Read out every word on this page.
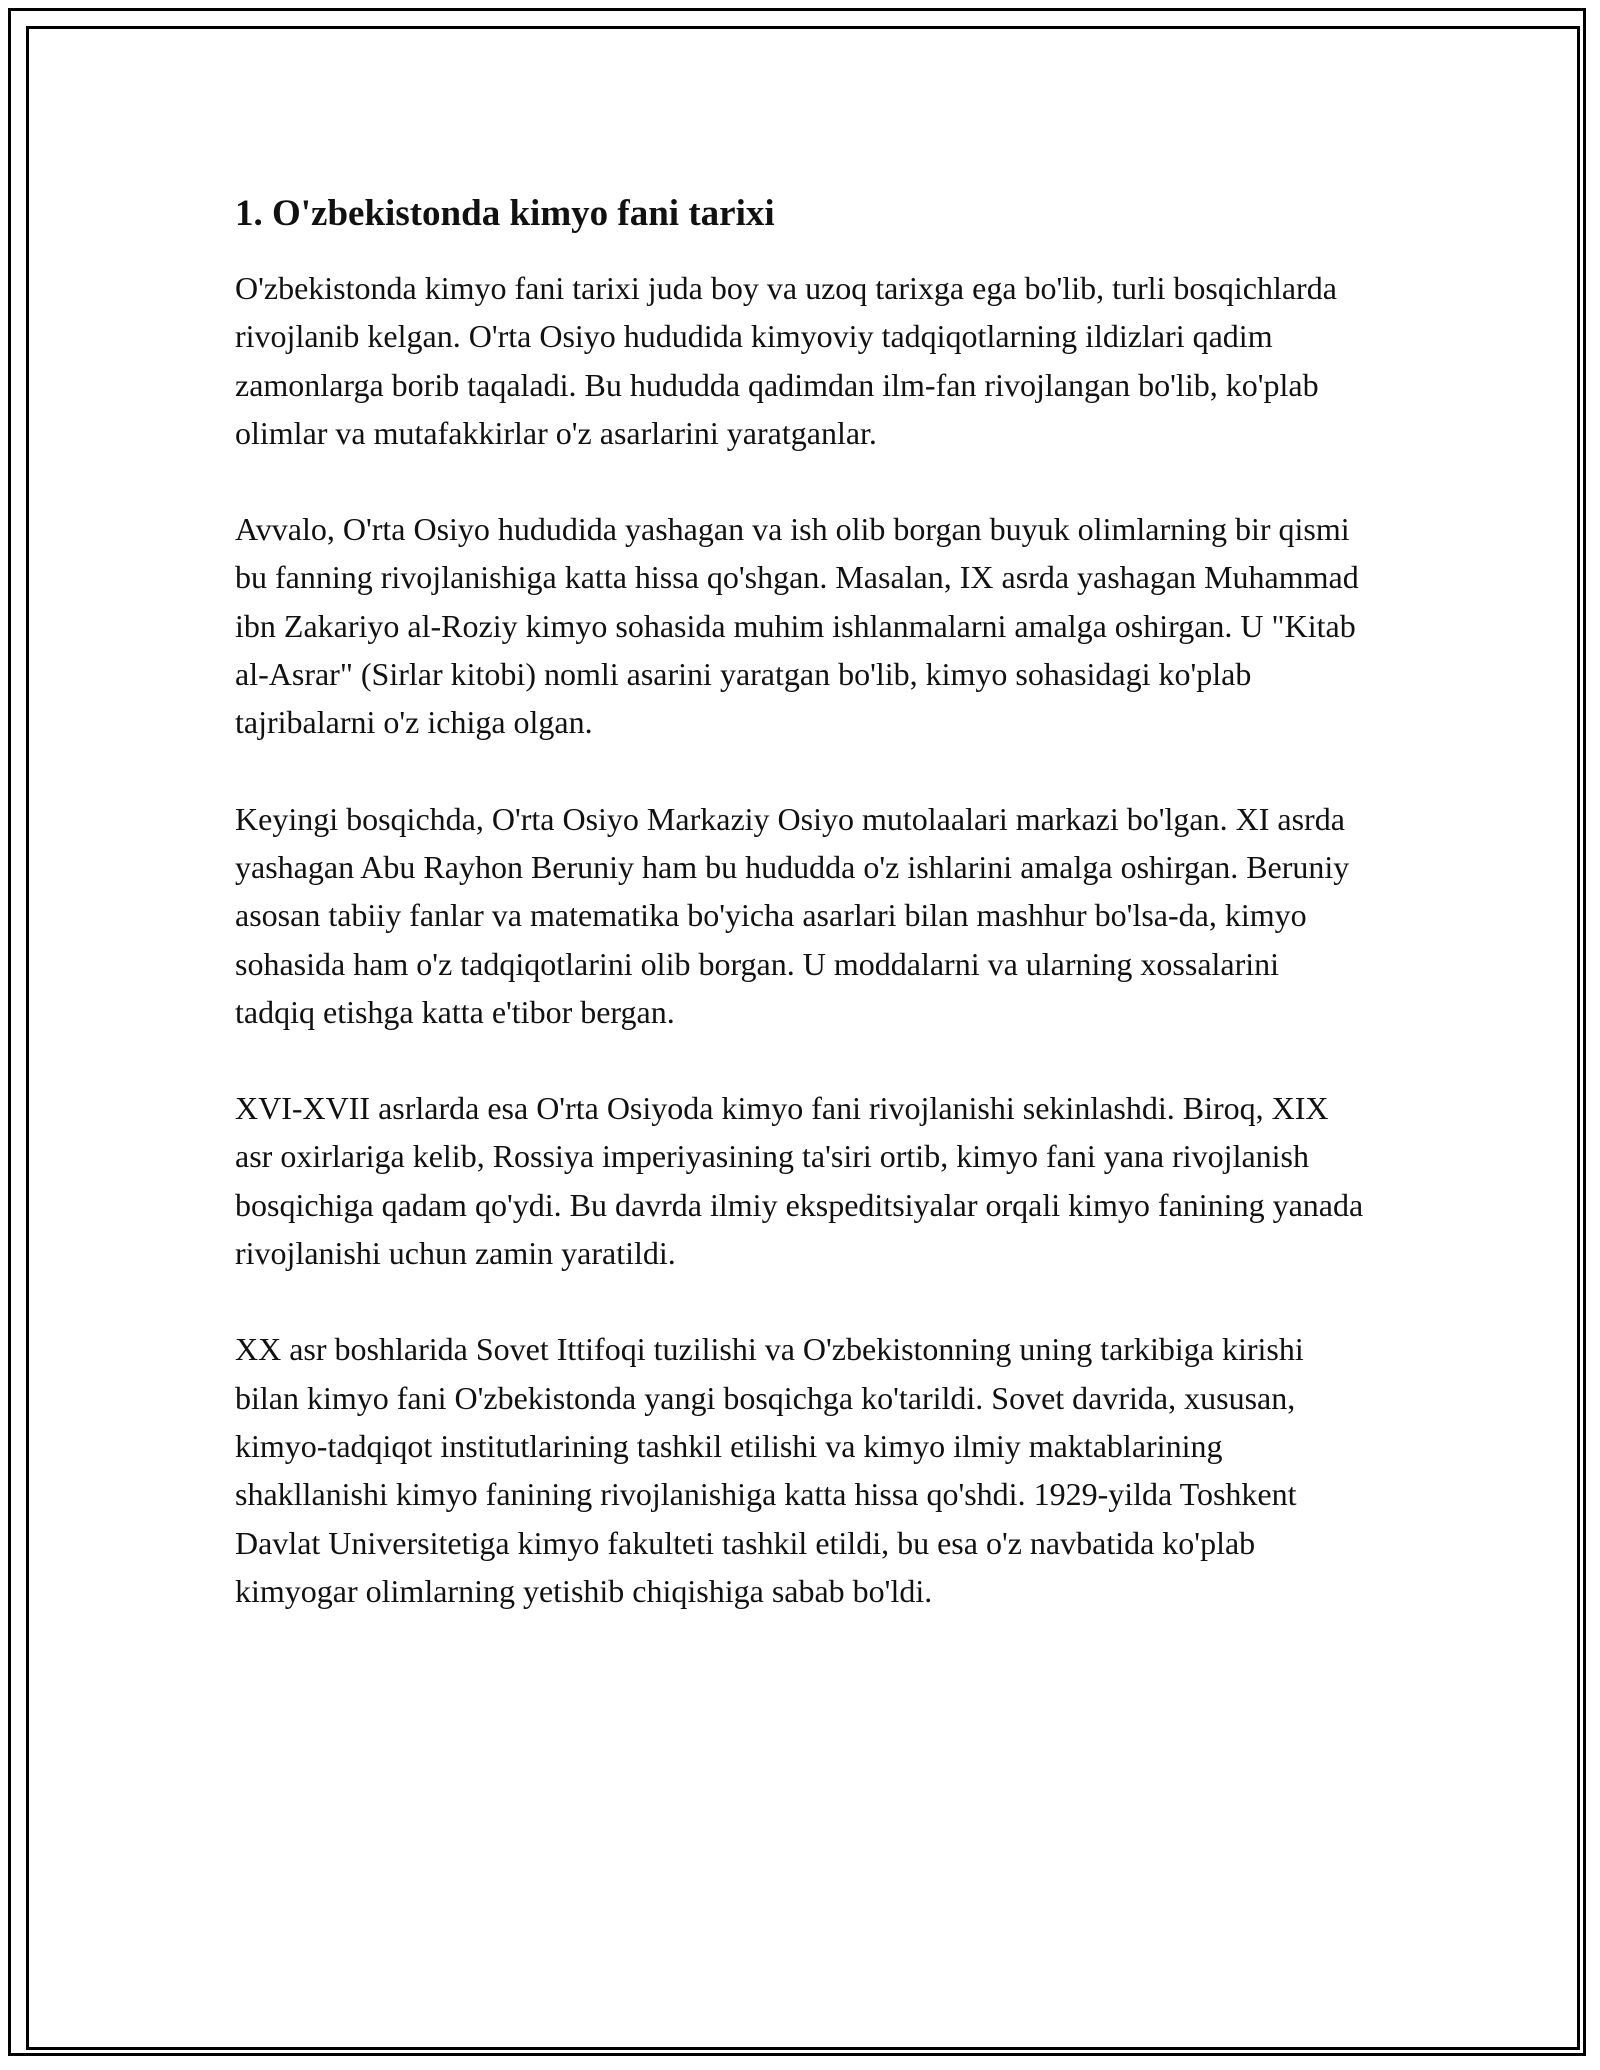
1. O'zbekistonda kimyo fani tarixi

O'zbekistonda kimyo fani tarixi juda boy va uzoq tarixga ega bo'lib, turli bosqichlarda rivojlanib kelgan. O'rta Osiyo hududida kimyoviy tadqiqotlarning ildizlari qadim zamonlarga borib taqaladi. Bu hududda qadimdan ilm-fan rivojlangan bo'lib, ko'plab olimlar va mutafakkirlar o'z asarlarini yaratganlar.

Avvalo, O'rta Osiyo hududida yashagan va ish olib borgan buyuk olimlarning bir qismi bu fanning rivojlanishiga katta hissa qo'shgan. Masalan, IX asrda yashagan Muhammad ibn Zakariyo al-Roziy kimyo sohasida muhim ishlanmalarni amalga oshirgan. U "Kitab al-Asrar" (Sirlar kitobi) nomli asarini yaratgan bo'lib, kimyo sohasidagi ko'plab tajribalarni o'z ichiga olgan.

Keyingi bosqichda, O'rta Osiyo Markaziy Osiyo mutolaalari markazi bo'lgan. XI asrda yashagan Abu Rayhon Beruniy ham bu hududda o'z ishlarini amalga oshirgan. Beruniy asosan tabiiy fanlar va matematika bo'yicha asarlari bilan mashhur bo'lsa-da, kimyo sohasida ham o'z tadqiqotlarini olib borgan. U moddalarni va ularning xossalarini tadqiq etishga katta e'tibor bergan.

XVI-XVII asrlarda esa O'rta Osiyoda kimyo fani rivojlanishi sekinlashdi. Biroq, XIX asr oxirlariga kelib, Rossiya imperiyasining ta'siri ortib, kimyo fani yana rivojlanish bosqichiga qadam qo'ydi. Bu davrda ilmiy ekspeditsiyalar orqali kimyo fanining yanada rivojlanishi uchun zamin yaratildi.

XX asr boshlarida Sovet Ittifoqi tuzilishi va O'zbekistonning uning tarkibiga kirishi bilan kimyo fani O'zbekistonda yangi bosqichga ko'tarildi. Sovet davrida, xususan, kimyo-tadqiqot institutlarining tashkil etilishi va kimyo ilmiy maktablarining shakllanishi kimyo fanining rivojlanishiga katta hissa qo'shdi. 1929-yilda Toshkent Davlat Universitetiga kimyo fakulteti tashkil etildi, bu esa o'z navbatida ko'plab kimyogar olimlarning yetishib chiqishiga sabab bo'ldi.
